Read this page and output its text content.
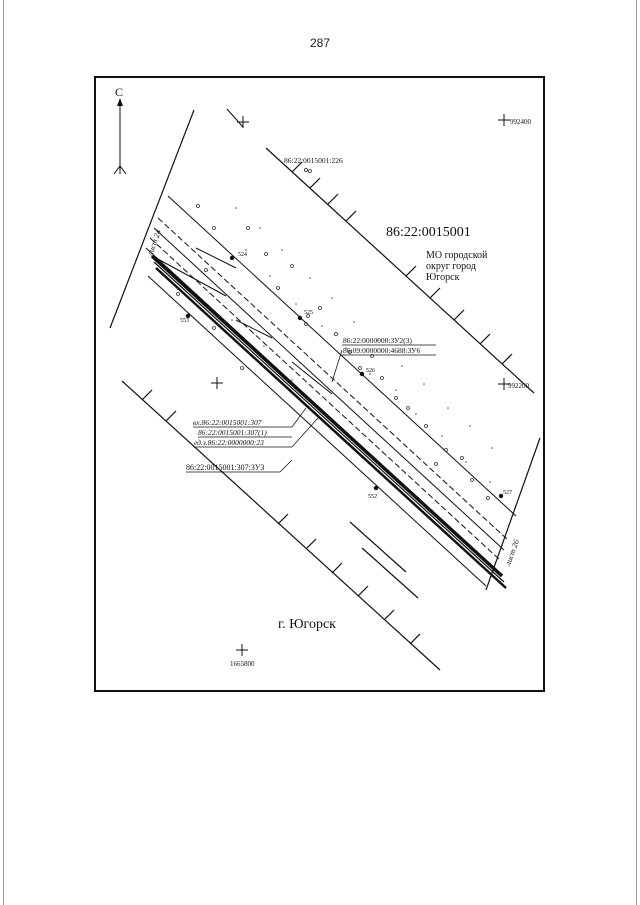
287
С
992400
992200
1665800
лист 24
лист 26
524
525
526
527
552
553
86:22:0015001:226
86:22:0015001
МО городской
округ город
Югорск
86:22:0000000:ЗУ2(3)
86:09:0000000:4688:ЗУ6
вх.86:22:0015001:307
86:22:0015001:307(1)
ед.з.86:22:0000000:23
86:22:0015001:307:ЗУ3
г. Югорск
